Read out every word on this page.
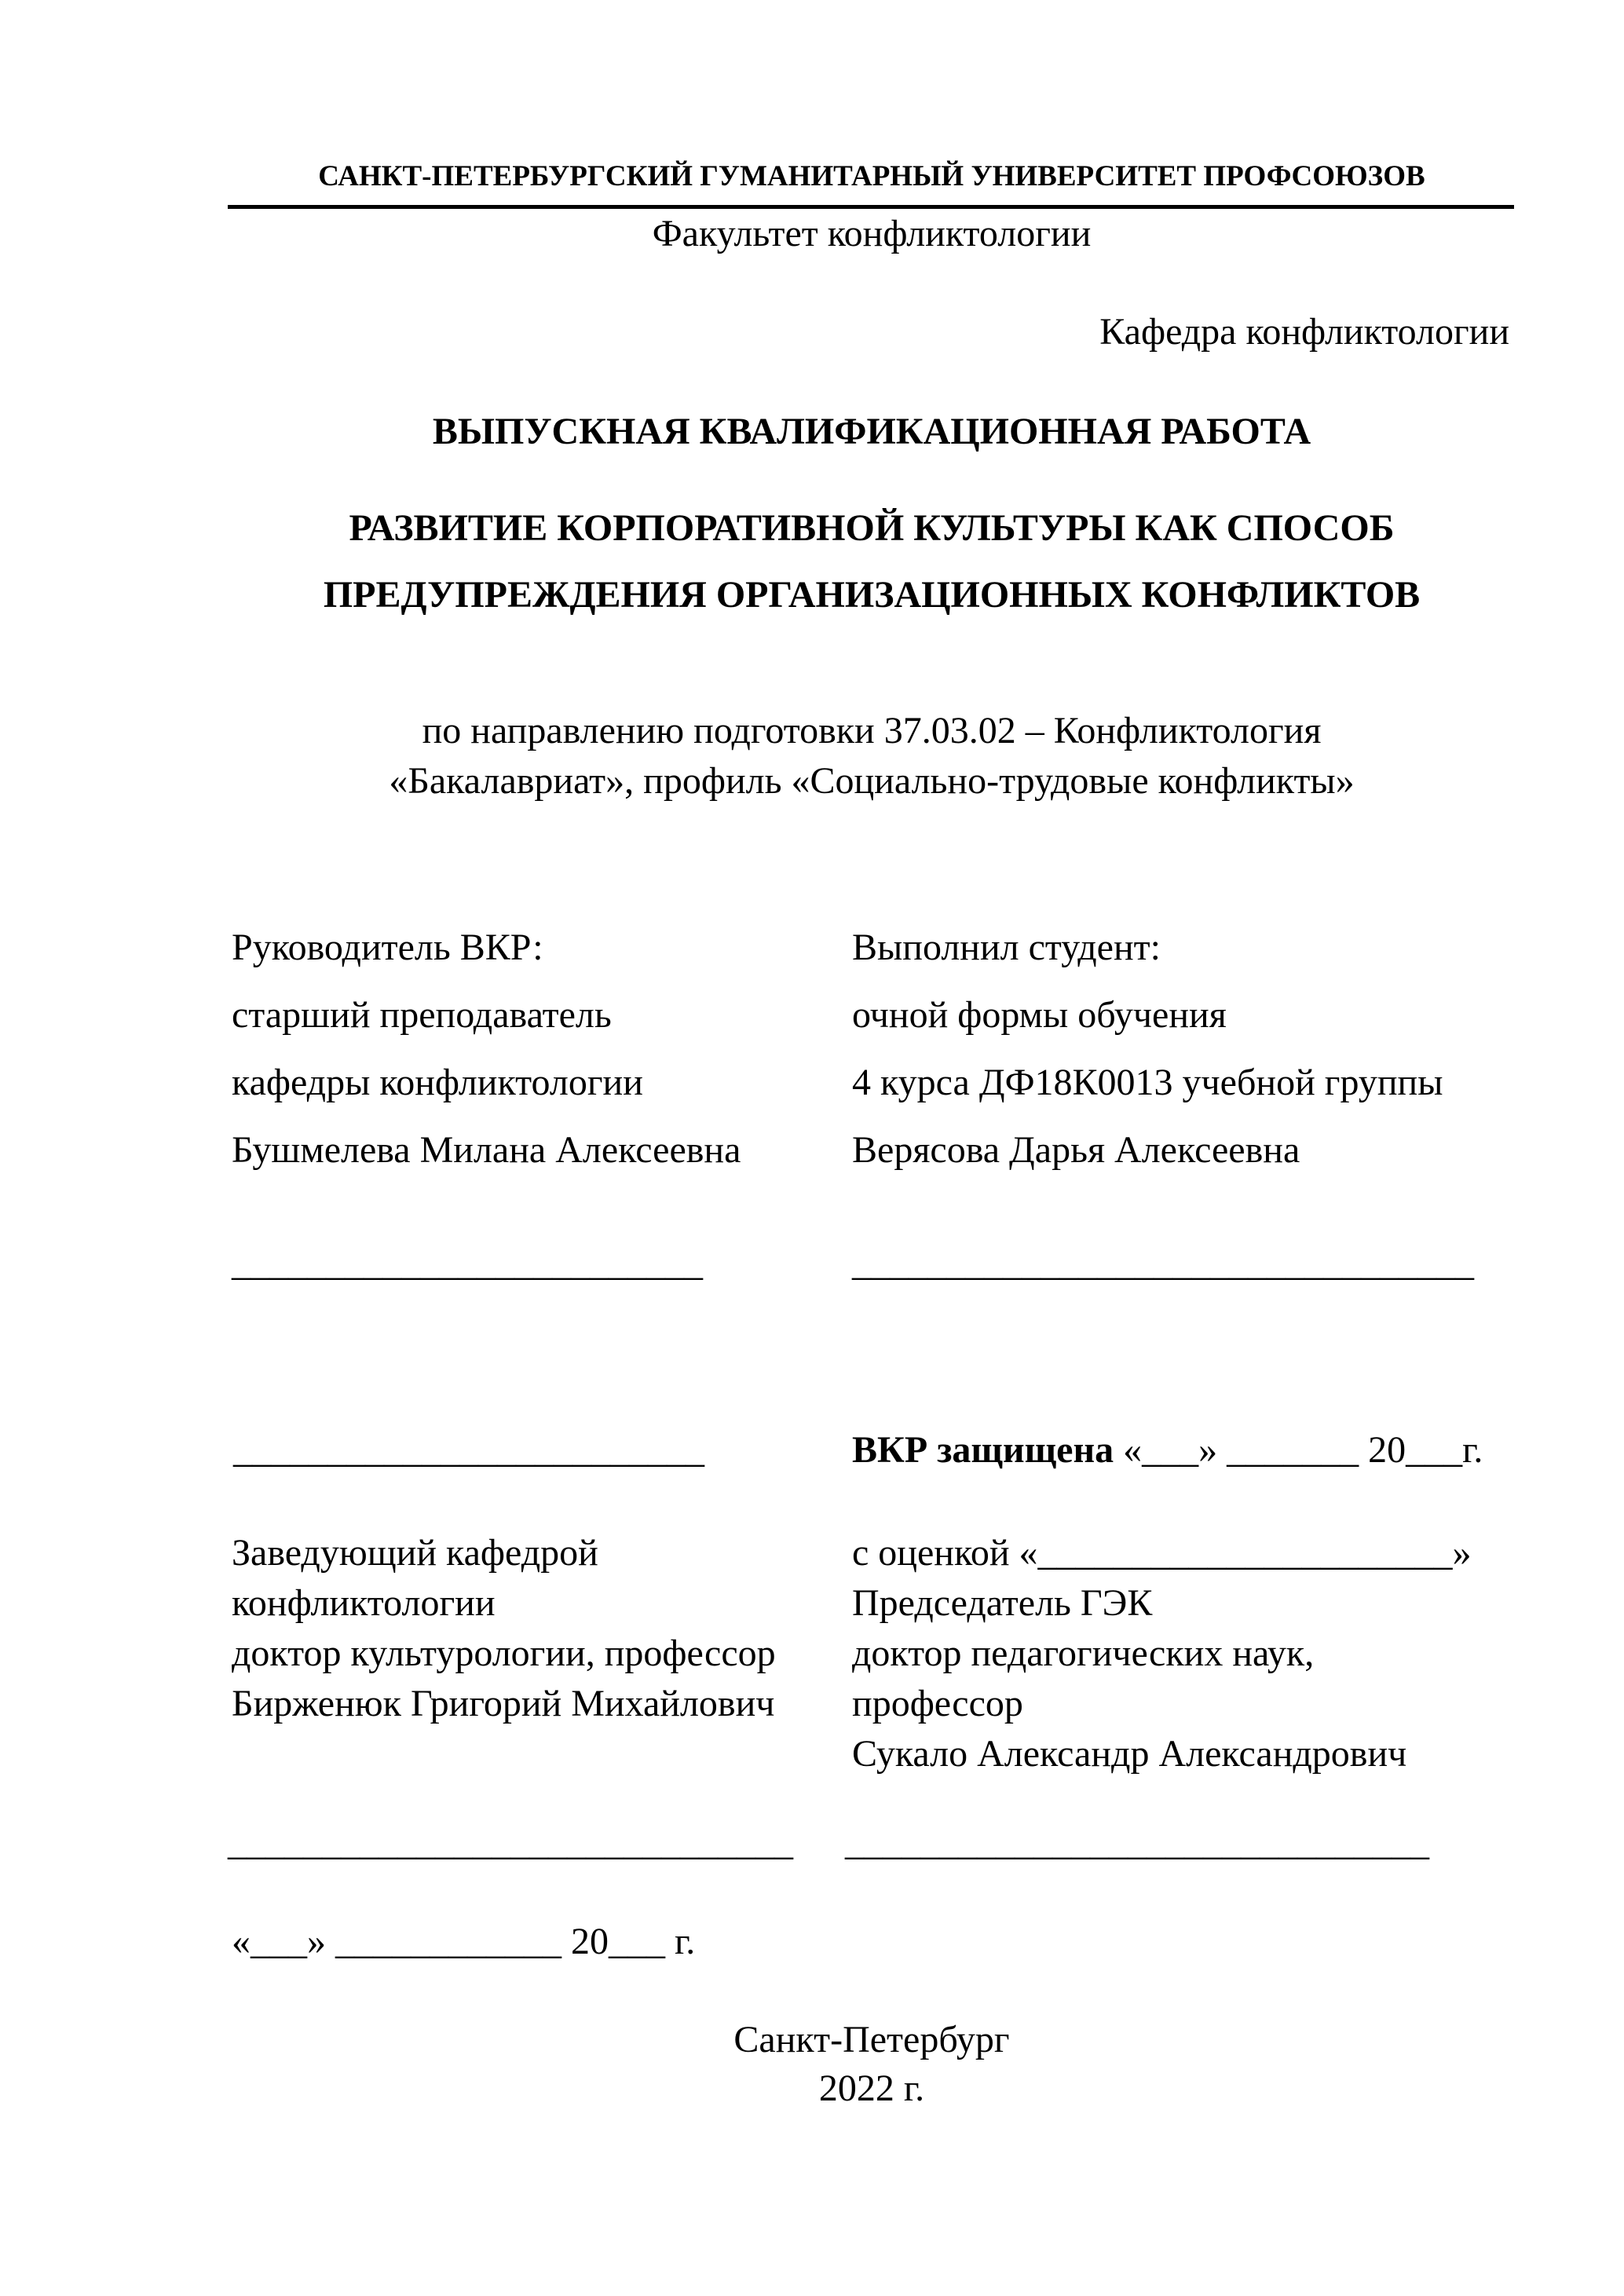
САНКТ-ПЕТЕРБУРГСКИЙ ГУМАНИТАРНЫЙ УНИВЕРСИТЕТ ПРОФСОЮЗОВ
Факультет конфликтологии
Кафедра конфликтологии
ВЫПУСКНАЯ КВАЛИФИКАЦИОННАЯ РАБОТА
РАЗВИТИЕ КОРПОРАТИВНОЙ КУЛЬТУРЫ КАК СПОСОБ
ПРЕДУПРЕЖДЕНИЯ ОРГАНИЗАЦИОННЫХ КОНФЛИКТОВ
по направлению подготовки 37.03.02 – Конфликтология
«Бакалавриат», профиль «Социально-трудовые конфликты»
Руководитель ВКР:
старший преподаватель
кафедры конфликтологии
Бушмелева Милана Алексеевна
Выполнил студент:
очной формы обучения
4 курса ДФ18К0013 учебной группы
Верясова Дарья Алексеевна
_________________________	_________________________________
_________________________	ВКР защищена «___» _______ 20___г.
Заведующий кафедрой
конфликтологии
доктор культурологии, профессор
Бирженюк Григорий Михайлович
с оценкой «______________________»
Председатель ГЭК
доктор педагогических наук,
профессор
Сукало Александр Александрович
______________________________ _______________________________
«___» ____________ 20___ г.
Санкт-Петербург
2022 г.
